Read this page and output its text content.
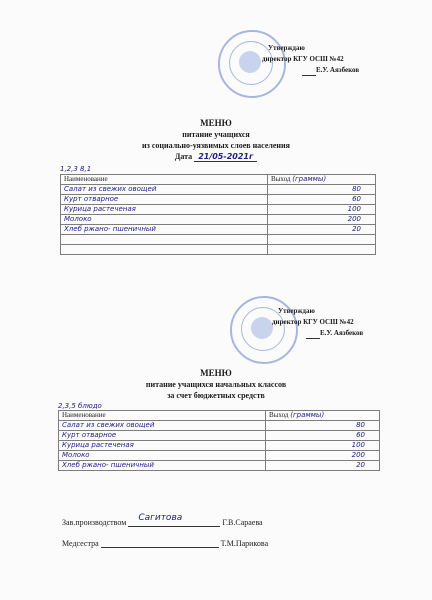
Утверждаю
директор КГУ ОСШ №42
Е.У. Аязбеков
МЕНЮ
питание учащихся
из социально-уязвимых слоев населения
Дата 21/05-2021г
1,2,3 8,1
Наименование	Выход (граммы)
Салат из свежих овощей	80
Курт отварное	60
Курица растеченая	100
Молоко	200
Хлеб ржано- пшеничный	20

Утверждаю
директор КГУ ОСШ №42
Е.У. Аязбеков
МЕНЮ
питание учащихся начальных классов
за счет бюджетных средств
2,3,5 блюдо
Наименование	Выход (граммы)
Салат из свежих овощей	80
Курт отварное	60
Курица растеченая	100
Молоко	200
Хлеб ржано- пшеничный	20
Зав.производством Сагитова	Г.В.Сараева
Медсестра	Т.М.Парикова
